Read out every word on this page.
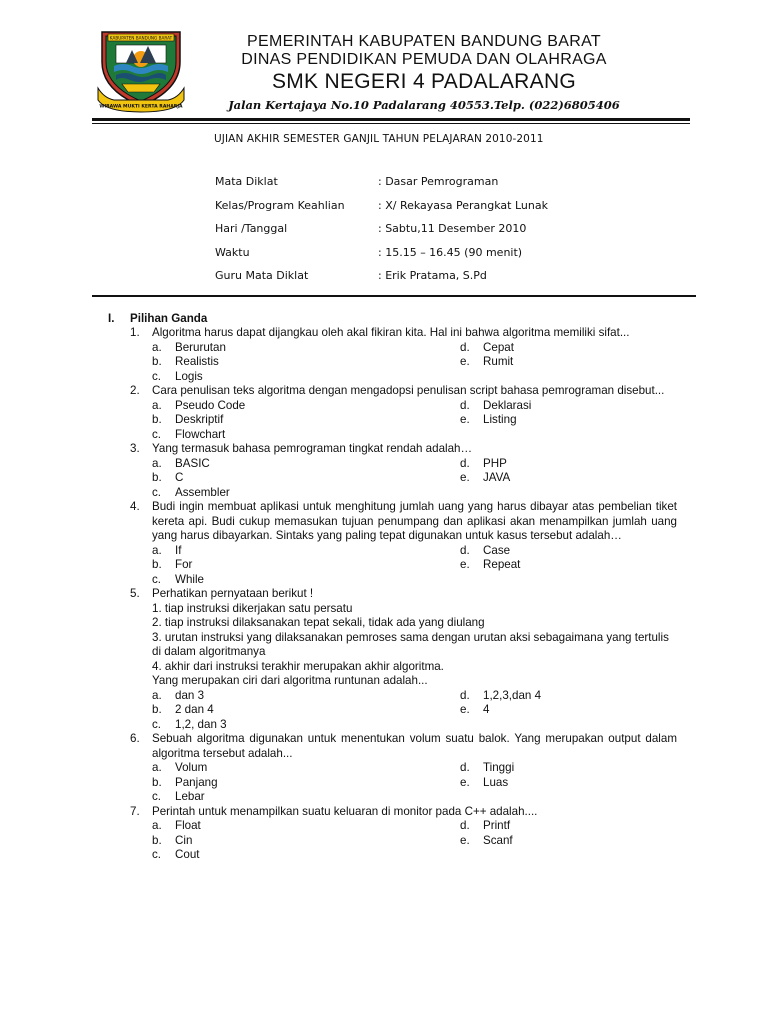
KABUPATEN BANDUNG BARAT
WIBAWA MUKTI KERTA RAHARJA
PEMERINTAH KABUPATEN BANDUNG BARAT
DINAS PENDIDIKAN PEMUDA DAN OLAHRAGA
SMK NEGERI 4 PADALARANG
Jalan Kertajaya No.10 Padalarang 40553.Telp. (022)6805406
UJIAN AKHIR SEMESTER GANJIL TAHUN PELAJARAN 2010-2011
Mata Diklat	: Dasar Pemrograman
Kelas/Program Keahlian	: X/ Rekayasa Perangkat Lunak
Hari /Tanggal	: Sabtu,11 Desember 2010
Waktu	: 15.15 – 16.45 (90 menit)
Guru Mata Diklat	: Erik Pratama, S.Pd
I. Pilihan Ganda
1. Algoritma harus dapat dijangkau oleh akal fikiran kita. Hal ini bahwa algoritma memiliki sifat...
a. Berurutan	d. Cepat
b. Realistis	e. Rumit
c. Logis
2. Cara penulisan teks algoritma dengan mengadopsi penulisan script bahasa pemrograman disebut...
a. Pseudo Code	d. Deklarasi
b. Deskriptif	e. Listing
c. Flowchart
3. Yang termasuk bahasa pemrograman tingkat rendah adalah…
a. BASIC	d. PHP
b. C	e. JAVA
c. Assembler
4. Budi ingin membuat aplikasi untuk menghitung jumlah uang yang harus dibayar atas pembelian tiket kereta api. Budi cukup memasukan tujuan penumpang dan aplikasi akan menampilkan jumlah uang yang harus dibayarkan. Sintaks yang paling tepat digunakan untuk kasus tersebut adalah…
a. If	d. Case
b. For	e. Repeat
c. While
5. Perhatikan pernyataan berikut !
1. tiap instruksi dikerjakan satu persatu
2. tiap instruksi dilaksanakan tepat sekali, tidak ada yang diulang
3. urutan instruksi yang dilaksanakan pemroses sama dengan urutan aksi sebagaimana yang tertulis di dalam algoritmanya
4. akhir dari instruksi terakhir merupakan akhir algoritma.
Yang merupakan ciri dari algoritma runtunan adalah...
a. dan 3	d. 1,2,3,dan 4
b. 2 dan 4	e. 4
c. 1,2, dan 3
6. Sebuah algoritma digunakan untuk menentukan volum suatu balok. Yang merupakan output dalam algoritma tersebut adalah...
a. Volum	d. Tinggi
b. Panjang	e. Luas
c. Lebar
7. Perintah untuk menampilkan suatu keluaran di monitor pada C++ adalah....
a. Float	d. Printf
b. Cin	e. Scanf
c. Cout
